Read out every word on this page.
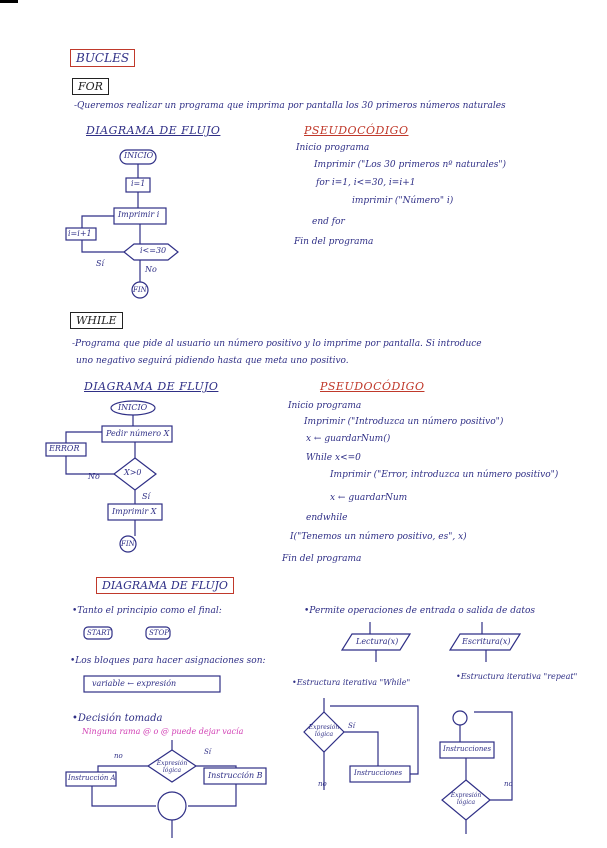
BUCLES
FOR
-Queremos realizar un programa que imprima por pantalla los 30 primeros números naturales
DIAGRAMA DE FLUJO	PSEUDOCÓDIGO
INICIO
i=1
Imprimir i
i=i+1
i<=30
Sí
No
FIN
Inicio programa
Imprimir ("Los 30 primeros nº naturales")
for i=1, i<=30, i=i+1
imprimir ("Número" i)
end for
Fin del programa
WHILE
-Programa que pide al usuario un número positivo y lo imprime por pantalla. Si introduce
uno negativo seguirá pidiendo hasta que meta uno positivo.
DIAGRAMA DE FLUJO	PSEUDOCÓDIGO
INICIO
Pedir número X
ERROR
X>0
No
Sí
Imprimir X
FIN
Inicio programa
Imprimir ("Introduzca un número positivo")
x ← guardarNum()
While x<=0
Imprimir ("Error, introduzca un número positivo")
x ← guardarNum
endwhile
I("Tenemos un número positivo, es", x)
Fin del programa
DIAGRAMA DE FLUJO
•Tanto el principio como el final:
START	STOP
•Los bloques para hacer asignaciones son:
variable ← expresión
•Decisión tomada
Ninguna rama @ o @ puede dejar vacía
no	Sí
Expresión lógica
Instrucción A	Instrucción B
•Permite operaciones de entrada o salida de datos
Lectura(x)	Escritura(x)
•Estructura iterativa "While"
•Estructura iterativa "repeat"
Expresión lógica
Instrucciones
Sí
no
Instrucciones
Expresión lógica
no
